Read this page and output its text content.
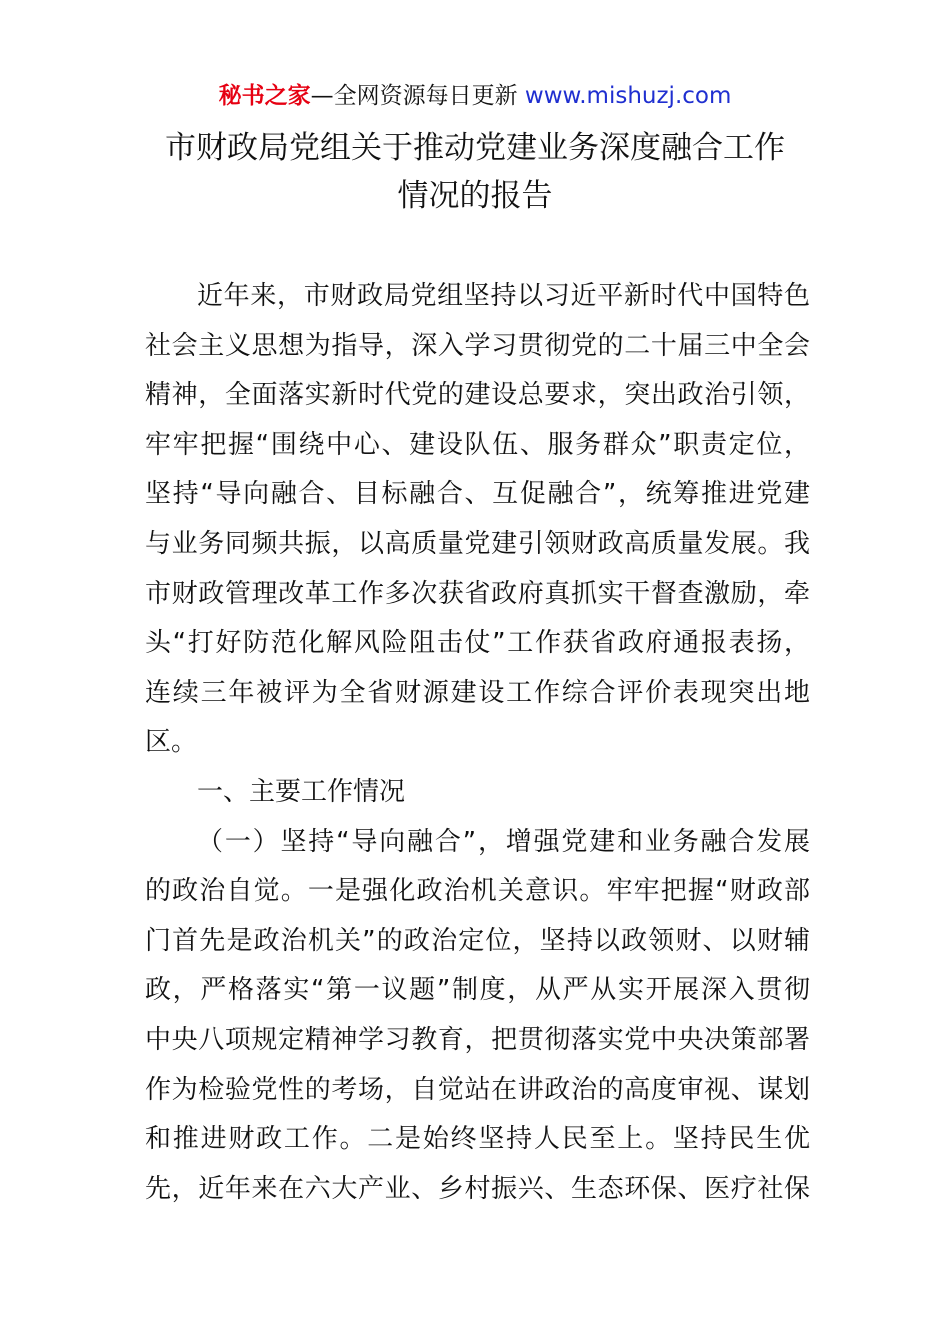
秘书之家—全网资源每日更新 www.mishuzj.com
市财政局党组关于推动党建业务深度融合工作
情况的报告
近年来，市财政局党组坚持以习近平新时代中国特色
社会主义思想为指导，深入学习贯彻党的二十届三中全会
精神，全面落实新时代党的建设总要求，突出政治引领，
牢牢把握“围绕中心、建设队伍、服务群众”职责定位，
坚持“导向融合、目标融合、互促融合”，统筹推进党建
与业务同频共振，以高质量党建引领财政高质量发展。我
市财政管理改革工作多次获省政府真抓实干督查激励，牵
头“打好防范化解风险阻击仗”工作获省政府通报表扬，
连续三年被评为全省财源建设工作综合评价表现突出地
区。
一、主要工作情况
（一）坚持“导向融合”，增强党建和业务融合发展
的政治自觉。一是强化政治机关意识。牢牢把握“财政部
门首先是政治机关”的政治定位，坚持以政领财、以财辅
政，严格落实“第一议题”制度，从严从实开展深入贯彻
中央八项规定精神学习教育，把贯彻落实党中央决策部署
作为检验党性的考场，自觉站在讲政治的高度审视、谋划
和推进财政工作。二是始终坚持人民至上。坚持民生优
先，近年来在六大产业、乡村振兴、生态环保、医疗社保
